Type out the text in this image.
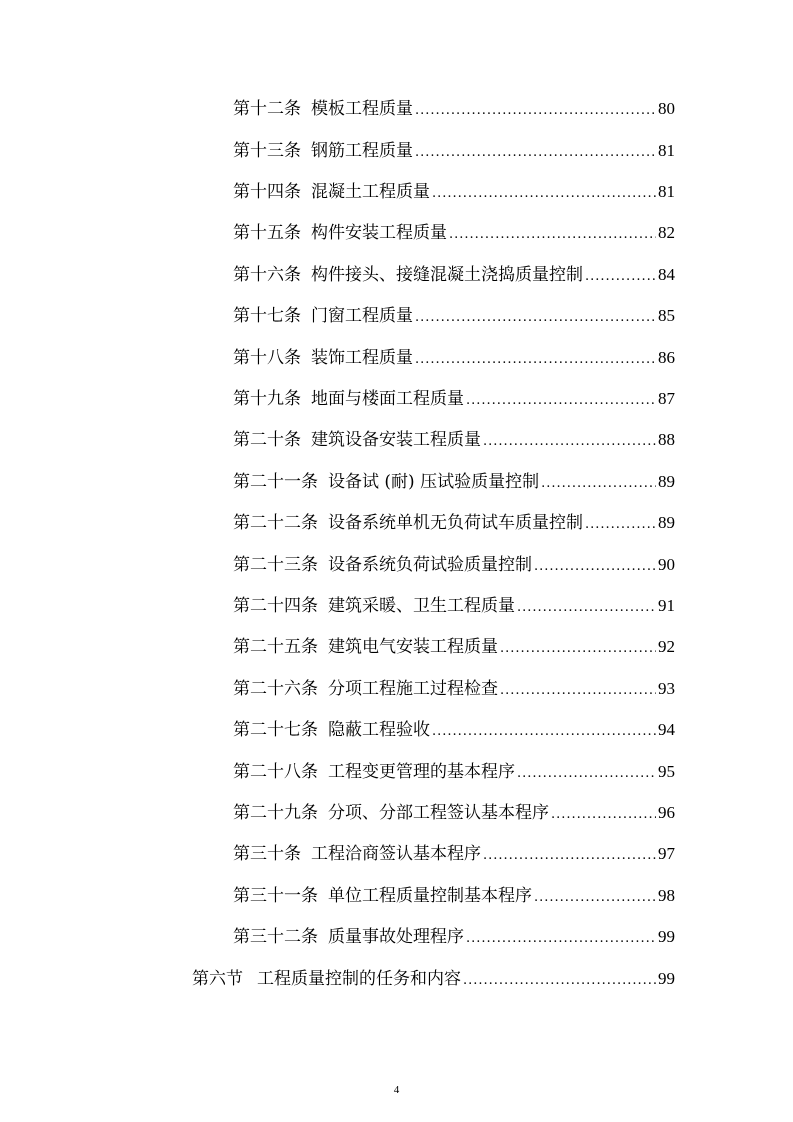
第十二条 模板工程质量 .....	80
第十三条 钢筋工程质量 .....	81
第十四条 混凝土工程质量 .....	81
第十五条 构件安装工程质量 .....	82
第十六条 构件接头、接缝混凝土浇捣质量控制 .....	84
第十七条 门窗工程质量 .....	85
第十八条 装饰工程质量 .....	86
第十九条 地面与楼面工程质量 .....	87
第二十条 建筑设备安装工程质量 .....	88
第二十一条 设备试 (耐) 压试验质量控制 .....	89
第二十二条 设备系统单机无负荷试车质量控制 .....	89
第二十三条 设备系统负荷试验质量控制 .....	90
第二十四条 建筑采暖、卫生工程质量 .....	91
第二十五条 建筑电气安装工程质量 .....	92
第二十六条 分项工程施工过程检查 .....	93
第二十七条 隐蔽工程验收 .....	94
第二十八条 工程变更管理的基本程序 .....	95
第二十九条 分项、分部工程签认基本程序 .....	96
第三十条 工程洽商签认基本程序 .....	97
第三十一条 单位工程质量控制基本程序 .....	98
第三十二条 质量事故处理程序 .....	99
第六节 工程质量控制的任务和内容 .....	99
4
